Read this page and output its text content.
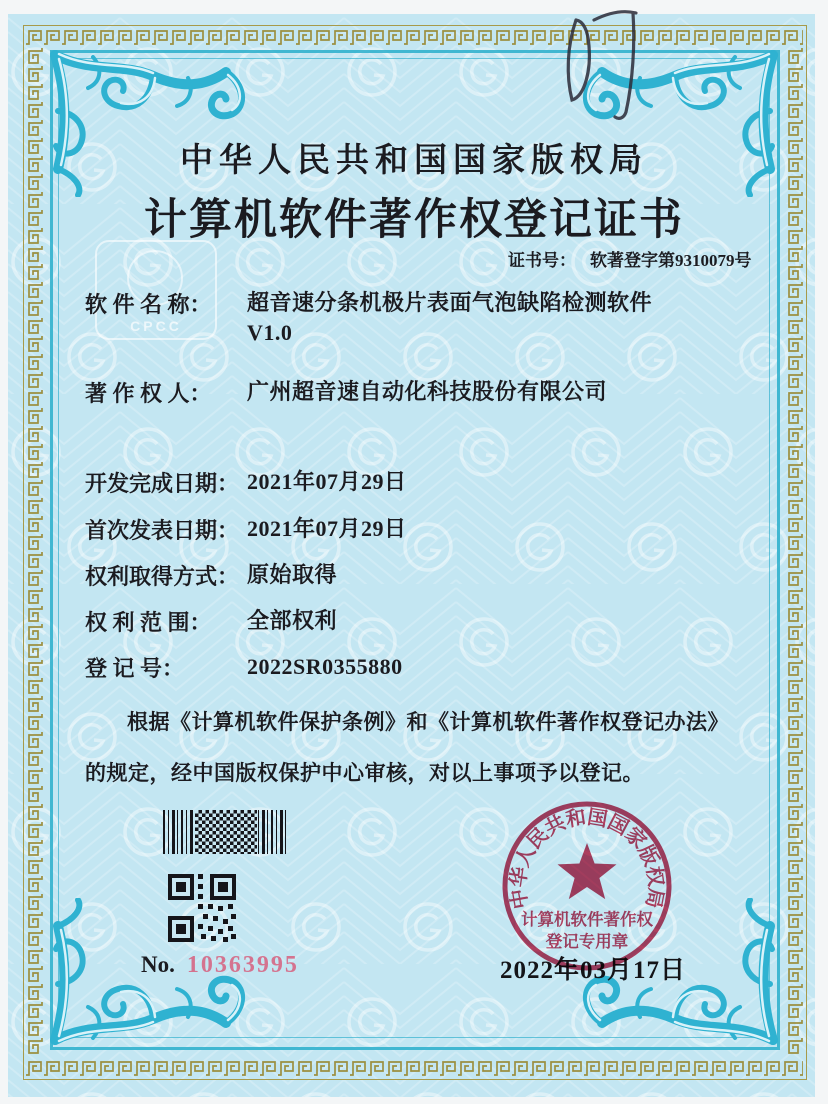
CPCC
中华人民共和国国家版权局
计算机软件著作权登记证书
证书号： 软著登字第9310079号
软 件 名 称： 超音速分条机极片表面气泡缺陷检测软件
V1.0
著 作 权 人： 广州超音速自动化科技股份有限公司
开发完成日期： 2021年07月29日
首次发表日期： 2021年07月29日
权利取得方式： 原始取得
权 利 范 围： 全部权利
登 记 号：	2022SR0355880
根据《计算机软件保护条例》和《计算机软件著作权登记办法》的规定，经中国版权保护中心审核，对以上事项予以登记。
No. 10363995	2022年03月17日
中华人民共和国国家版权局
计算机软件著作权
登记专用章
